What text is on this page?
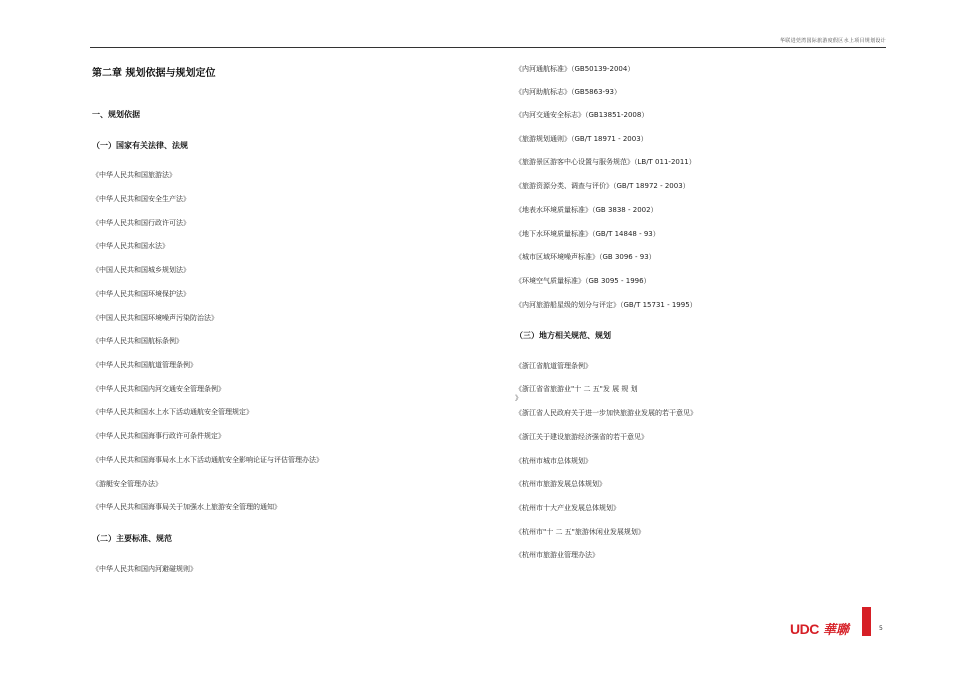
华联进莞湾国际旅游度假区水上项目规划设计
第二章 规划依据与规划定位
一、规划依据
（一）国家有关法律、法规
《中华人民共和国旅游法》
《中华人民共和国安全生产法》
《中华人民共和国行政许可法》
《中华人民共和国水法》
《中国人民共和国城乡规划法》
《中华人民共和国环境保护法》
《中国人民共和国环境噪声污染防治法》
《中华人民共和国航标条例》
《中华人民共和国航道管理条例》
《中华人民共和国内河交通安全管理条例》
《中华人民共和国水上水下活动通航安全管理规定》
《中华人民共和国海事行政许可条件规定》
《中华人民共和国海事局水上水下活动通航安全影响论证与评估管理办法》
《游艇安全管理办法》
《中华人民共和国海事局关于加强水上旅游安全管理的通知》
（二）主要标准、规范
《中华人民共和国内河避碰规则》
《内河通航标准》（GB50139-2004）
《内河助航标志》（GB5863-93）
《内河交通安全标志》（GB13851-2008）
《旅游规划通则》（GB/T 18971 - 2003）
《旅游景区游客中心设置与服务规范》（LB/T 011-2011）
《旅游资源分类、调查与评价》（GB/T 18972 - 2003）
《地表水环境质量标准》（GB 3838 - 2002）
《地下水环境质量标准》（GB/T 14848 - 93）
《城市区域环境噪声标准》（GB 3096 - 93）
《环境空气质量标准》（GB 3095 - 1996）
《内河旅游船星级的划分与评定》（GB/T 15731 - 1995）
（三）地方相关规范、规划
《浙江省航道管理条例》
《浙江省省旅游业"十 二 五"发 展 规 划
》
《浙江省人民政府关于进一步加快旅游业发展的若干意见》
《浙江关于建设旅游经济强省的若干意见》
《杭州市城市总体规划》
《杭州市旅游发展总体规划》
《杭州市十大产业发展总体规划》
《杭州市"十 二 五"旅游休闲业发展规划》
《杭州市旅游业管理办法》
UDC 華聯	5
